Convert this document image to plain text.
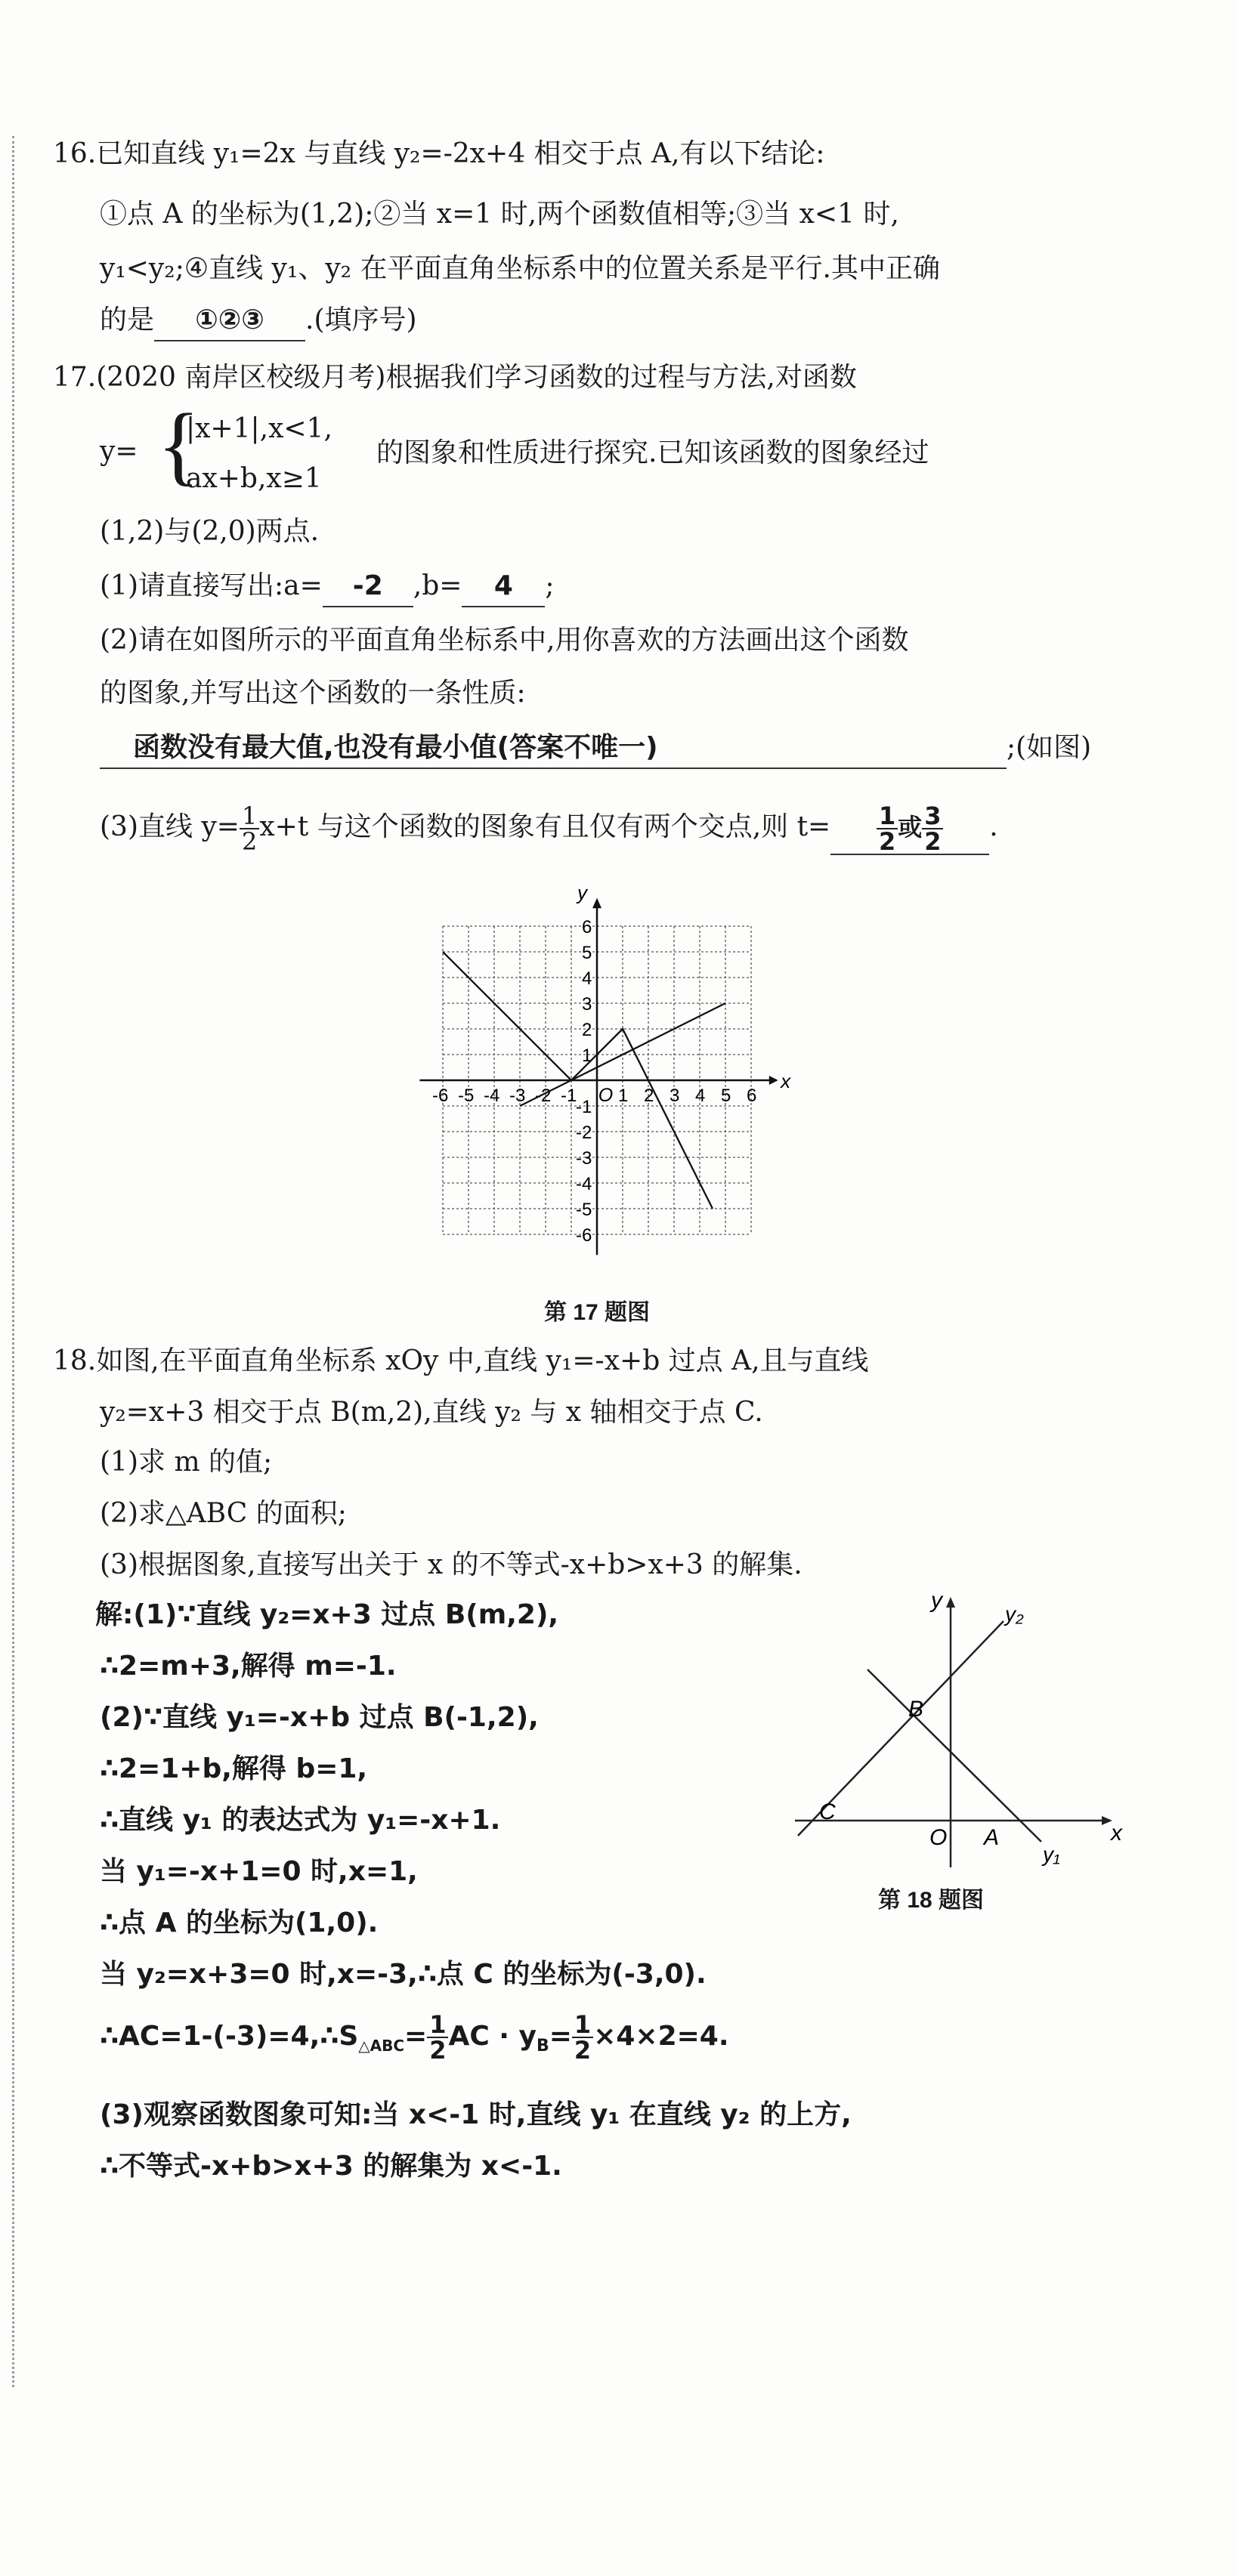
16.已知直线 y₁=2x 与直线 y₂=-2x+4 相交于点 A,有以下结论:
①点 A 的坐标为(1,2);②当 x=1 时,两个函数值相等;③当 x<1 时,
y₁<y₂;④直线 y₁、y₂ 在平面直角坐标系中的位置关系是平行.其中正确
的是 ①②③ .(填序号)
17.(2020 南岸区校级月考)根据我们学习函数的过程与方法,对函数
y= {
|x+1|,x<1,
ax+b,x≥1
的图象和性质进行探究.已知该函数的图象经过
(1,2)与(2,0)两点.
(1)请直接写出:a= -2 ,b= 4 ;
(2)请在如图所示的平面直角坐标系中,用你喜欢的方法画出这个函数
的图象,并写出这个函数的一条性质:
函数没有最大值,也没有最小值(答案不唯一)	;(如图)
(3)直线 $y= \frac{1}{2} x+t$ 与这个函数的图象有且仅有两个交点,则 $t= \frac{1}{2}$ 或 $\frac{3}{2}$ .
x
y
O
-6 -5 -4 -3 -2 -1 1 2 3 4 5 6
6
5
4
3
2
1
-1
-2
-3
-4
-5
-6
第 17 题图
18.如图,在平面直角坐标系 xOy 中,直线 y₁=-x+b 过点 A,且与直线
y₂=x+3 相交于点 B(m,2),直线 y₂ 与 x 轴相交于点 C.
(1)求 m 的值;
(2)求△ABC 的面积;
(3)根据图象,直接写出关于 x 的不等式-x+b>x+3 的解集.
解:(1)∵直线 y₂=x+3 过点 B(m,2),
∴2=m+3,解得 m=-1.
(2)∵直线 y₁=-x+b 过点 B(-1,2),
∴2=1+b,解得 b=1,
∴直线 y₁ 的表达式为 y₁=-x+1.
当 y₁=-x+1=0 时,x=1,
∴点 A 的坐标为(1,0).
当 y₂=x+3=0 时,x=-3,∴点 C 的坐标为(-3,0).
$\therefore AC=1-(-3)=4,\therefore S_{\triangle ABC}= \frac{1}{2}$ AC · $y_B= \frac{1}{2} \times 4\times 2=4$.
(3)观察函数图象可知:当 x<-1 时,直线 y₁ 在直线 y₂ 的上方,
∴不等式-x+b>x+3 的解集为 x<-1.
y
x
y₂
y₁
B
C
O A
第 18 题图
